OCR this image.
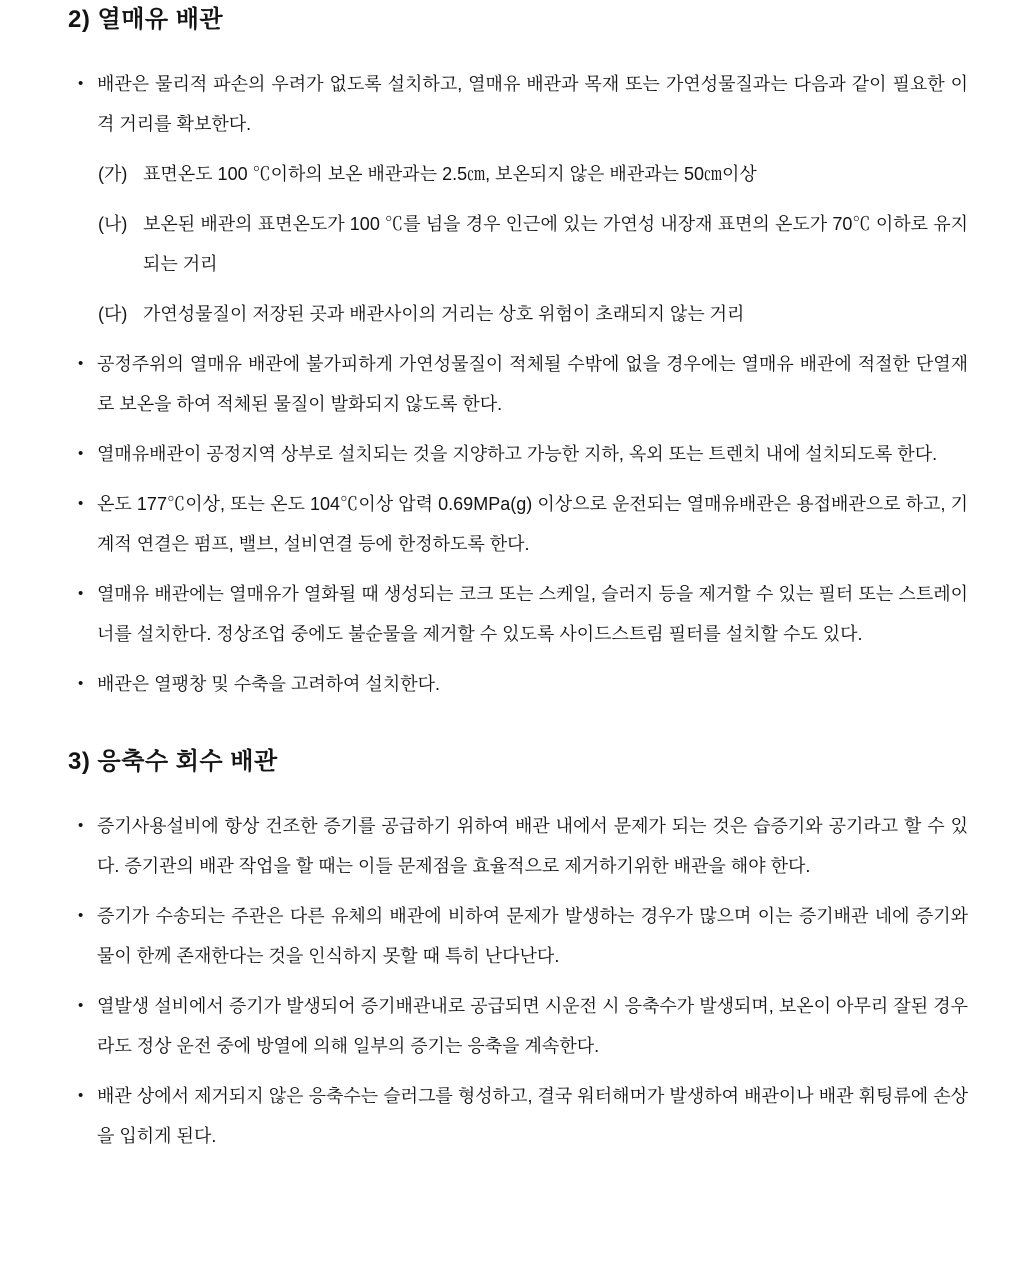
2) 열매유 배관
• 배관은 물리적 파손의 우려가 없도록 설치하고, 열매유 배관과 목재 또는 가연성물질과는 다음과 같이 필요한 이격 거리를 확보한다.
(가) 표면온도 100 ℃이하의 보온 배관과는 2.5㎝, 보온되지 않은 배관과는 50㎝이상
(나) 보온된 배관의 표면온도가 100 ℃를 넘을 경우 인근에 있는 가연성 내장재 표면의 온도가 70℃ 이하로 유지되는 거리
(다) 가연성물질이 저장된 곳과 배관사이의 거리는 상호 위험이 초래되지 않는 거리
• 공정주위의 열매유 배관에 불가피하게 가연성물질이 적체될 수밖에 없을 경우에는 열매유 배관에 적절한 단열재로 보온을 하여 적체된 물질이 발화되지 않도록 한다.
• 열매유배관이 공정지역 상부로 설치되는 것을 지양하고 가능한 지하, 옥외 또는 트렌치 내에 설치되도록 한다.
• 온도 177℃이상, 또는 온도 104℃이상 압력 0.69MPa(g) 이상으로 운전되는 열매유배관은 용접배관으로 하고, 기계적 연결은 펌프, 밸브, 설비연결 등에 한정하도록 한다.
• 열매유 배관에는 열매유가 열화될 때 생성되는 코크 또는 스케일, 슬러지 등을 제거할 수 있는 필터 또는 스트레이너를 설치한다. 정상조업 중에도 불순물을 제거할 수 있도록 사이드스트림 필터를 설치할 수도 있다.
• 배관은 열팽창 및 수축을 고려하여 설치한다.
3) 응축수 회수 배관
• 증기사용설비에 항상 건조한 증기를 공급하기 위하여 배관 내에서 문제가 되는 것은 습증기와 공기라고 할 수 있다. 증기관의 배관 작업을 할 때는 이들 문제점을 효율적으로 제거하기위한 배관을 해야 한다.
• 증기가 수송되는 주관은 다른 유체의 배관에 비하여 문제가 발생하는 경우가 많으며 이는 증기배관 네에 증기와 물이 한께 존재한다는 것을 인식하지 못할 때 특히 난다난다.
• 열발생 설비에서 증기가 발생되어 증기배관내로 공급되면 시운전 시 응축수가 발생되며, 보온이 아무리 잘된 경우라도 정상 운전 중에 방열에 의해 일부의 증기는 응축을 계속한다.
• 배관 상에서 제거되지 않은 응축수는 슬러그를 형성하고, 결국 워터해머가 발생하여 배관이나 배관 휘팅류에 손상을 입히게 된다.
